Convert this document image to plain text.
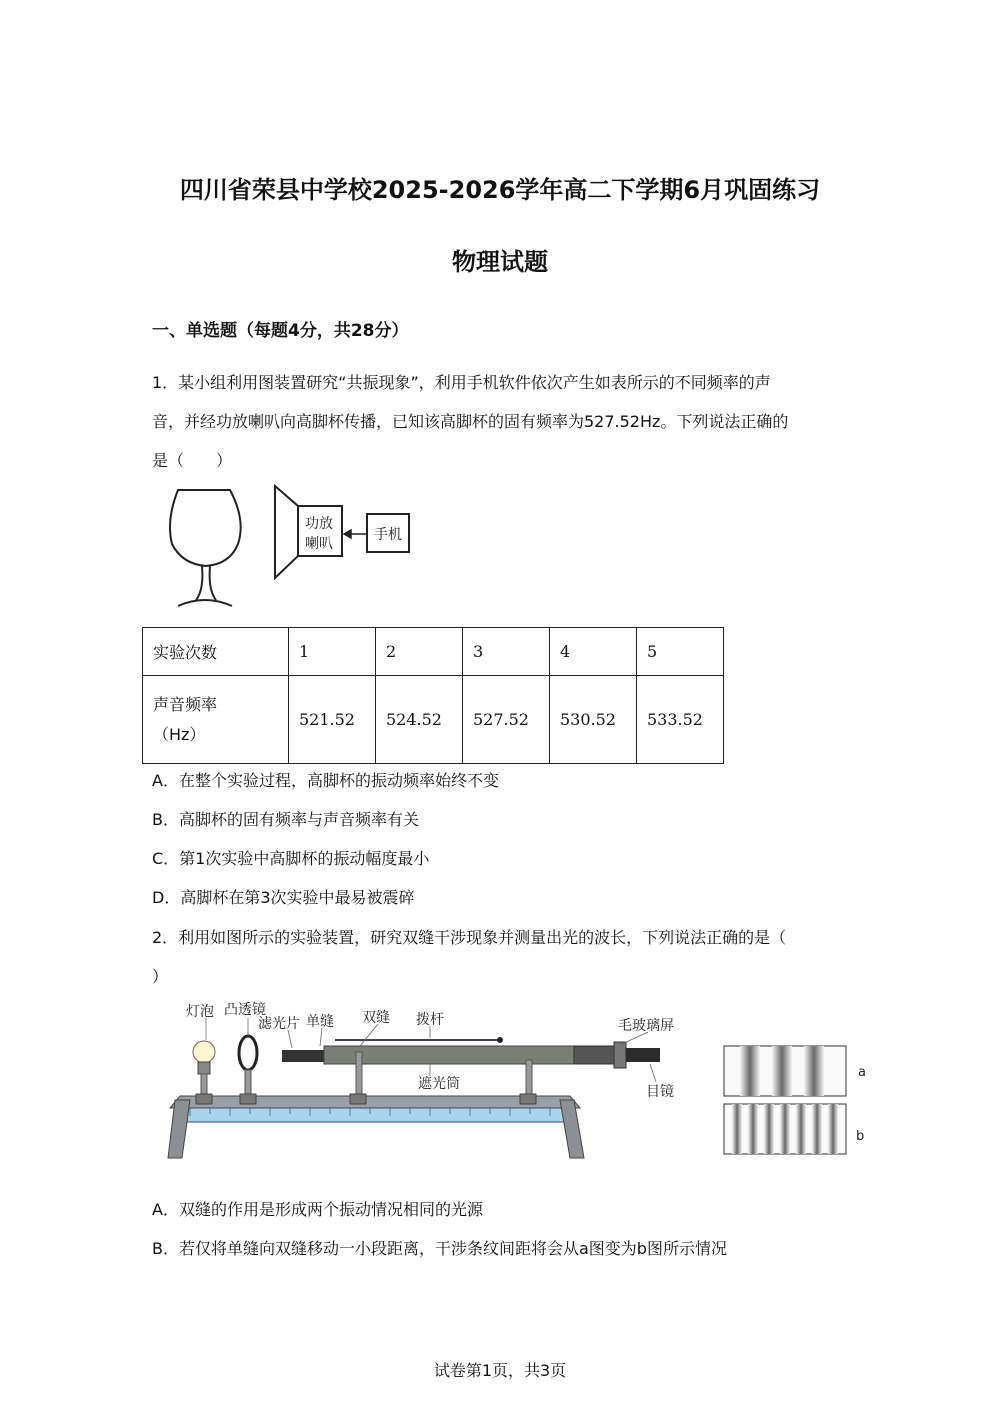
四川省荣县中学校2025-2026学年高二下学期6月巩固练习
物理试题
一、单选题（每题4分，共28分）
1．某小组利用图装置研究“共振现象”，利用手机软件依次产生如表所示的不同频率的声
音，并经功放喇叭向高脚杯传播，已知该高脚杯的固有频率为527.52Hz。下列说法正确的
是（　　）
功放
喇叭
手机
实验次数	1	2	3	4	5

声音频率
（Hz）	521.52	524.52	527.52	530.52	533.52
A．在整个实验过程，高脚杯的振动频率始终不变
B．高脚杯的固有频率与声音频率有关
C．第1次实验中高脚杯的振动幅度最小
D．高脚杯在第3次实验中最易被震碎
2．利用如图所示的实验装置，研究双缝干涉现象并测量出光的波长，下列说法正确的是（
）
灯泡 凸透镜
滤光片 单缝 双缝 拨杆	毛玻璃屏
遮光筒	目镜
a
b
A．双缝的作用是形成两个振动情况相同的光源
B．若仅将单缝向双缝移动一小段距离，干涉条纹间距将会从a图变为b图所示情况
试卷第1页，共3页
